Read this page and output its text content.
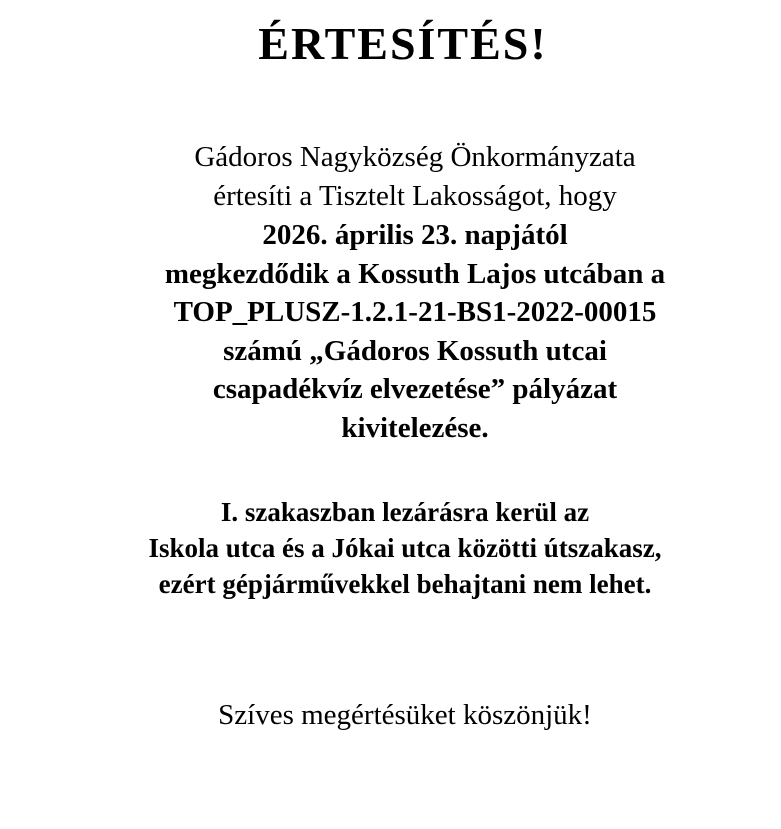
ÉRTESÍTÉS!
Gádoros Nagyközség Önkormányzata
értesíti a Tisztelt Lakosságot, hogy
2026. április 23. napjától
megkezdődik a Kossuth Lajos utcában a
TOP_PLUSZ-1.2.1-21-BS1-2022-00015
számú „Gádoros Kossuth utcai
csapadékvíz elvezetése” pályázat
kivitelezése.
I. szakaszban lezárásra kerül az
Iskola utca és a Jókai utca közötti útszakasz,
ezért gépjárművekkel behajtani nem lehet.
Szíves megértésüket köszönjük!
